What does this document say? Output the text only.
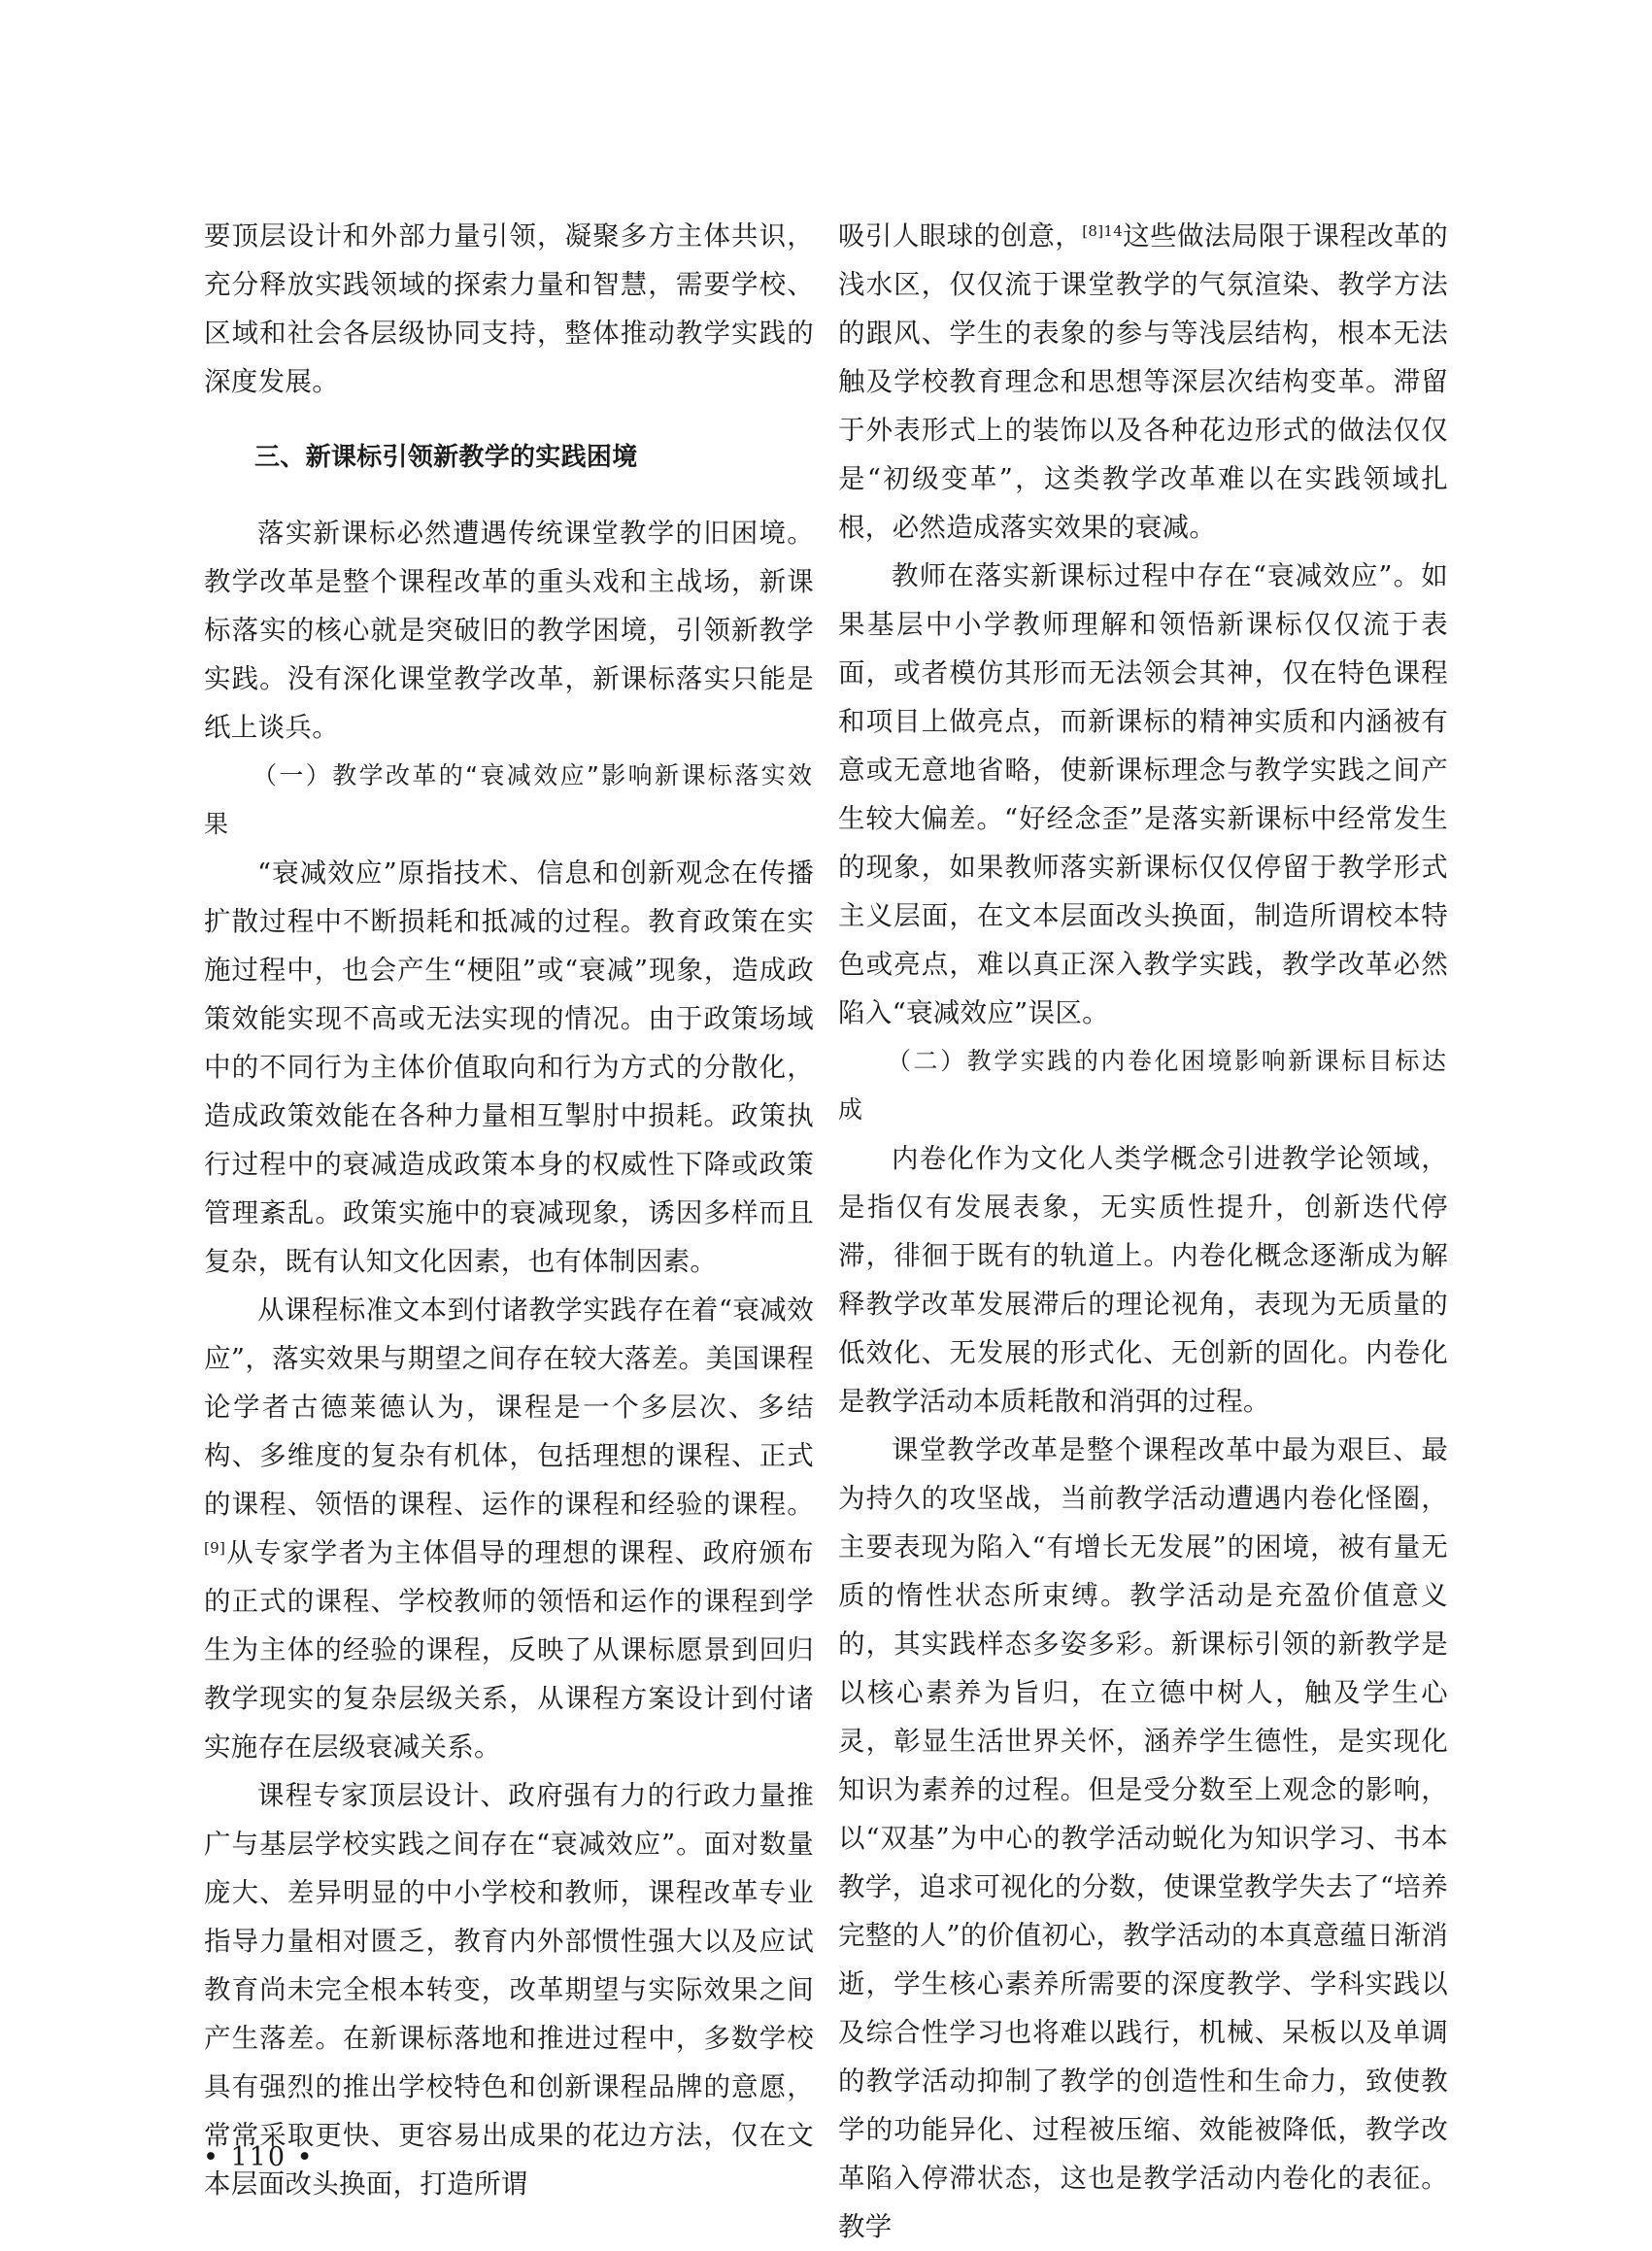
要顶层设计和外部力量引领，凝聚多方主体共识，充分释放实践领域的探索力量和智慧，需要学校、区域和社会各层级协同支持，整体推动教学实践的深度发展。

三、新课标引领新教学的实践困境

落实新课标必然遭遇传统课堂教学的旧困境。教学改革是整个课程改革的重头戏和主战场，新课标落实的核心就是突破旧的教学困境，引领新教学实践。没有深化课堂教学改革，新课标落实只能是纸上谈兵。

（一）教学改革的“衰减效应”影响新课标落实效果

“衰减效应”原指技术、信息和创新观念在传播扩散过程中不断损耗和抵减的过程。教育政策在实施过程中，也会产生“梗阻”或“衰减”现象，造成政策效能实现不高或无法实现的情况。由于政策场域中的不同行为主体价值取向和行为方式的分散化，造成政策效能在各种力量相互掣肘中损耗。政策执行过程中的衰减造成政策本身的权威性下降或政策管理紊乱。政策实施中的衰减现象，诱因多样而且复杂，既有认知文化因素，也有体制因素。

从课程标准文本到付诸教学实践存在着“衰减效应”，落实效果与期望之间存在较大落差。美国课程论学者古德莱德认为，课程是一个多层次、多结构、多维度的复杂有机体，包括理想的课程、正式的课程、领悟的课程、运作的课程和经验的课程。[9]从专家学者为主体倡导的理想的课程、政府颁布的正式的课程、学校教师的领悟和运作的课程到学生为主体的经验的课程，反映了从课标愿景到回归教学现实的复杂层级关系，从课程方案设计到付诸实施存在层级衰减关系。

课程专家顶层设计、政府强有力的行政力量推广与基层学校实践之间存在“衰减效应”。面对数量庞大、差异明显的中小学校和教师，课程改革专业指导力量相对匮乏，教育内外部惯性强大以及应试教育尚未完全根本转变，改革期望与实际效果之间产生落差。在新课标落地和推进过程中，多数学校具有强烈的推出学校特色和创新课程品牌的意愿，常常采取更快、更容易出成果的花边方法，仅在文本层面改头换面，打造所谓

吸引人眼球的创意，$^{[8]14}$这些做法局限于课程改革的浅水区，仅仅流于课堂教学的气氛渲染、教学方法的跟风、学生的表象的参与等浅层结构，根本无法触及学校教育理念和思想等深层次结构变革。滞留于外表形式上的装饰以及各种花边形式的做法仅仅是“初级变革”，这类教学改革难以在实践领域扎根，必然造成落实效果的衰减。

教师在落实新课标过程中存在“衰减效应”。如果基层中小学教师理解和领悟新课标仅仅流于表面，或者模仿其形而无法领会其神，仅在特色课程和项目上做亮点，而新课标的精神实质和内涵被有意或无意地省略，使新课标理念与教学实践之间产生较大偏差。“好经念歪”是落实新课标中经常发生的现象，如果教师落实新课标仅仅停留于教学形式主义层面，在文本层面改头换面，制造所谓校本特色或亮点，难以真正深入教学实践，教学改革必然陷入“衰减效应”误区。

（二）教学实践的内卷化困境影响新课标目标达成

内卷化作为文化人类学概念引进教学论领域，是指仅有发展表象，无实质性提升，创新迭代停滞，徘徊于既有的轨道上。内卷化概念逐渐成为解释教学改革发展滞后的理论视角，表现为无质量的低效化、无发展的形式化、无创新的固化。内卷化是教学活动本质耗散和消弭的过程。

课堂教学改革是整个课程改革中最为艰巨、最为持久的攻坚战，当前教学活动遭遇内卷化怪圈，主要表现为陷入“有增长无发展”的困境，被有量无质的惰性状态所束缚。教学活动是充盈价值意义的，其实践样态多姿多彩。新课标引领的新教学是以核心素养为旨归，在立德中树人，触及学生心灵，彰显生活世界关怀，涵养学生德性，是实现化知识为素养的过程。但是受分数至上观念的影响，以“双基”为中心的教学活动蜕化为知识学习、书本教学，追求可视化的分数，使课堂教学失去了“培养完整的人”的价值初心，教学活动的本真意蕴日渐消逝，学生核心素养所需要的深度教学、学科实践以及综合性学习也将难以践行，机械、呆板以及单调的教学活动抑制了教学的创造性和生命力，致使教学的功能异化、过程被压缩、效能被降低，教学改革陷入停滞状态，这也是教学活动内卷化的表征。教学

• 110 •
